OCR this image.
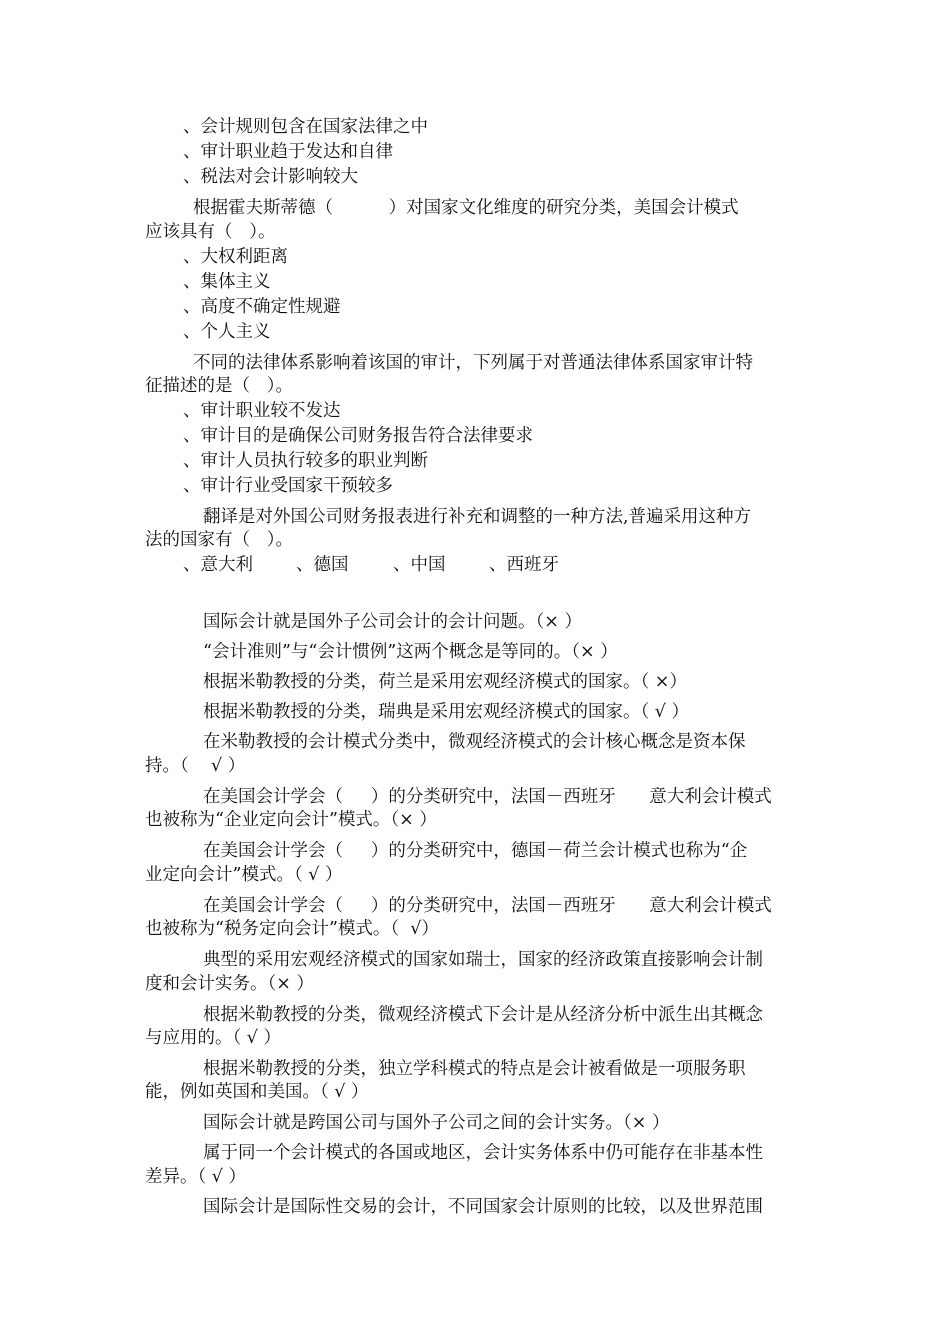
、会计规则包含在国家法律之中
、审计职业趋于发达和自律
、税法对会计影响较大
根据霍夫斯蒂德（          ）对国家文化维度的研究分类，美国会计模式
应该具有（   ）。
、大权利距离
、集体主义
、高度不确定性规避
、个人主义
不同的法律体系影响着该国的审计，下列属于对普通法律体系国家审计特
征描述的是（   ）。
、审计职业较不发达
、审计目的是确保公司财务报告符合法律要求
、审计人员执行较多的职业判断
、审计行业受国家干预较多
翻译是对外国公司财务报表进行补充和调整的一种方法,普遍采用这种方
法的国家有（   ）。
、意大利 、德国	、中国 、西班牙
国际会计就是国外子公司会计的会计问题。（× ）
“会计准则”与“会计惯例”这两个概念是等同的。（× ）
根据米勒教授的分类，荷兰是采用宏观经济模式的国家。（ ×）
根据米勒教授的分类，瑞典是采用宏观经济模式的国家。（ √ ）
在米勒教授的会计模式分类中，微观经济模式的会计核心概念是资本保
持。（    √ ）
在美国会计学会（     ）的分类研究中，法国－西班牙      意大利会计模式
也被称为“企业定向会计”模式。（× ）
在美国会计学会（     ）的分类研究中，德国－荷兰会计模式也称为“企
业定向会计”模式。（ √ ）
在美国会计学会（     ）的分类研究中，法国－西班牙      意大利会计模式
也被称为“税务定向会计”模式。（  √）
典型的采用宏观经济模式的国家如瑞士，国家的经济政策直接影响会计制
度和会计实务。（× ）
根据米勒教授的分类，微观经济模式下会计是从经济分析中派生出其概念
与应用的。（ √ ）
根据米勒教授的分类，独立学科模式的特点是会计被看做是一项服务职
能，例如英国和美国。（ √ ）
国际会计就是跨国公司与国外子公司之间的会计实务。（× ）
属于同一个会计模式的各国或地区，会计实务体系中仍可能存在非基本性
差异。（ √ ）
国际会计是国际性交易的会计，不同国家会计原则的比较，以及世界范围
